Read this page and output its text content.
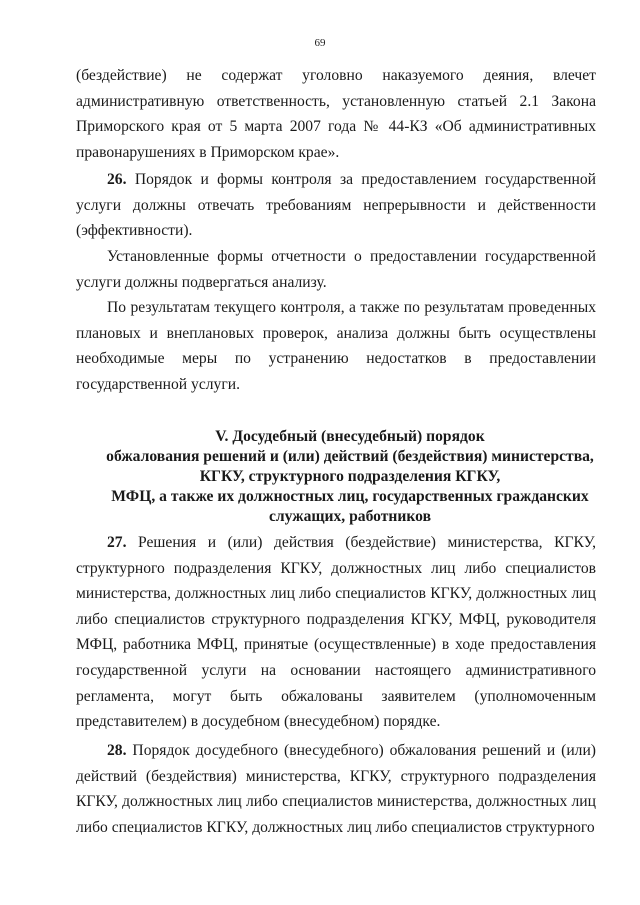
69

(бездействие) не содержат уголовно наказуемого деяния, влечет административную ответственность, установленную статьей 2.1 Закона Приморского края от 5 марта 2007 года № 44-КЗ «Об административных правонарушениях в Приморском крае».

26. Порядок и формы контроля за предоставлением государственной услуги должны отвечать требованиям непрерывности и действенности (эффективности).

Установленные формы отчетности о предоставлении государственной услуги должны подвергаться анализу.

По результатам текущего контроля, а также по результатам проведенных плановых и внеплановых проверок, анализа должны быть осуществлены необходимые меры по устранению недостатков в предоставлении государственной услуги.

V. Досудебный (внесудебный) порядок
обжалования решений и (или) действий (бездействия) министерства,
КГКУ, структурного подразделения КГКУ,
МФЦ, а также их должностных лиц, государственных гражданских
служащих, работников

27. Решения и (или) действия (бездействие) министерства, КГКУ, структурного подразделения КГКУ, должностных лиц либо специалистов министерства, должностных лиц либо специалистов КГКУ, должностных лиц либо специалистов структурного подразделения КГКУ, МФЦ, руководителя МФЦ, работника МФЦ, принятые (осуществленные) в ходе предоставления государственной услуги на основании настоящего административного регламента, могут быть обжалованы заявителем (уполномоченным представителем) в досудебном (внесудебном) порядке.

28. Порядок досудебного (внесудебного) обжалования решений и (или) действий (бездействия) министерства, КГКУ, структурного подразделения КГКУ, должностных лиц либо специалистов министерства, должностных лиц либо специалистов КГКУ, должностных лиц либо специалистов структурного
